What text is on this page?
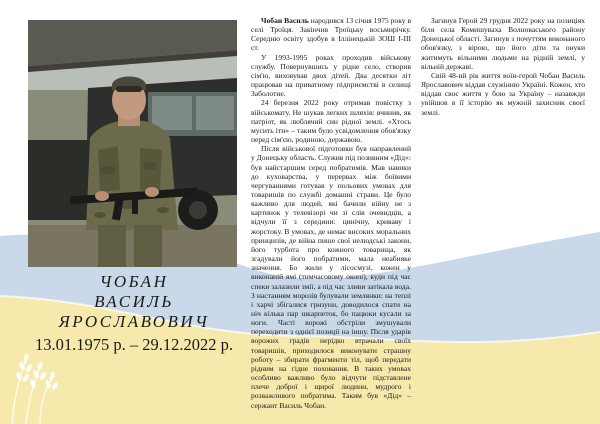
ЧОБАН
ВАСИЛЬ
ЯРОСЛАВОВИЧ
13.01.1975 р. – 29.12.2022 р.

Чобан Василь народився 13 січня 1975 року в селі Троїця. Закінчив Троїцьку восьмирічку. Середню освіту здобув в Іллінецькій ЗОШ І-ІІІ ст.

У 1993-1995 роках проходив військову службу. Повернувшись у рідне село, створив сім'ю, виховував двох дітей. Два десятки літ працював на приватному підприємстві в селищі Заболотне.

24 березня 2022 року отримав повістку з військомату. Не шукав легких шляхів: вчинив, як патріот, як люблячий син рідної землі. «Хтось мусить іти» – таким було усвідомлення обов'язку перед сім'єю, родиною, державою.

Після військової підготовки був направлений у Донецьку область. Служив під позивним «Дід»: був найстаршим серед побратимів. Мав навики до куховарства, у перервах між боївими чергуваннями готував у польових умовах для товаришів по службі домашні страви. Це було важливо для людей, які бачили війну не з картинок у телевізорі чи зі слів очевидців, а відчули її з середини: цинічну, криваву і жорстоку. В умовах, де немає високих моральних принципів, де війна пише свої нелюдські закони, його турбота про кожного товарища, як згадували його побратими, мала неабияке значення. Бо жили у лісосмузі, кожен у виконаній ямі (тимчасовому окопі), куди під час спеки залазили змії, а під час зливи затікала вода. З настанням морозів булували землянки: на теплі і харчі збігалися гризуни, доводилося спати на ніч кілька пар шкарпеток, бо пацюки кусали за ноги. Часті ворожі обстріли змушували переходити з однієї позиції на іншу. Після ударів ворожих градів нерідко втрачали своїх товаришів, приходилося виконувати страшну роботу – збирати фрагменти тіл, щоб передати рідним на гідне поховання. В таких умовах особливо важливо було відчути підставлене плече доброї і щирої людини, мудрого і розважливого побратима. Таким був «Дід» – сержант Василь Чобан.

Загинув Герой 29 грудня 2022 року на позиціях біля села Комишуваха Волноваського району Донецької області. Загинув з почуттям виконаного обов'язку, з вірою, що його діти та онуки житимуть вільними людьми на рідній землі, у вільній державі.

Свій 48-ий рік життя воїн-герой Чобан Василь Ярославович віддав служінню Україні. Кожен, хто віддав своє життя у бою за Україну – назавжди увійшов в її історію як мужній захисник своєї землі.
